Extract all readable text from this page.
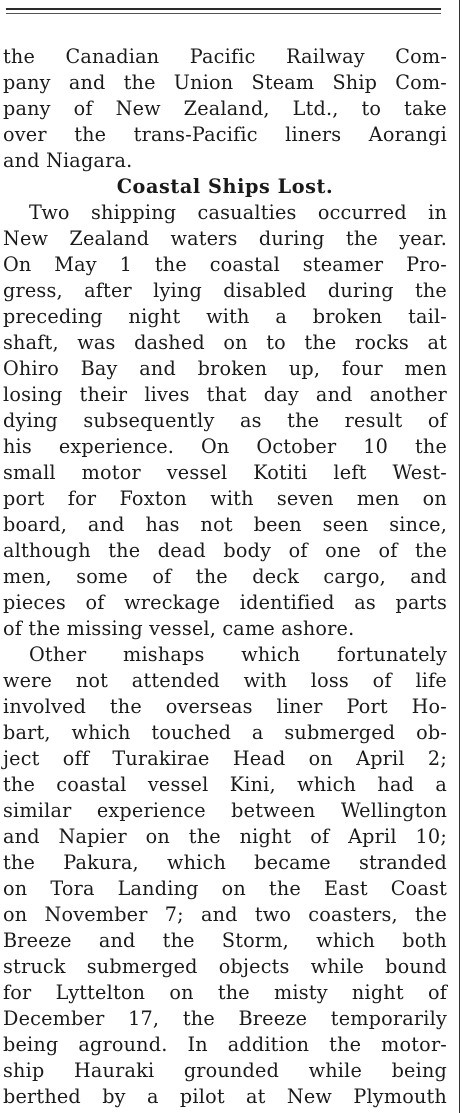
the Canadian Pacific Railway Com-
pany and the Union Steam Ship Com-
pany of New Zealand, Ltd., to take
over the trans-Pacific liners Aorangi
and Niagara.
Coastal Ships Lost.
Two shipping casualties occurred in
New Zealand waters during the year.
On May 1 the coastal steamer Pro-
gress, after lying disabled during the
preceding night with a broken tail-
shaft, was dashed on to the rocks at
Ohiro Bay and broken up, four men
losing their lives that day and another
dying subsequently as the result of
his experience. On October 10 the
small motor vessel Kotiti left West-
port for Foxton with seven men on
board, and has not been seen since,
although the dead body of one of the
men, some of the deck cargo, and
pieces of wreckage identified as parts
of the missing vessel, came ashore.
Other mishaps which fortunately
were not attended with loss of life
involved the overseas liner Port Ho-
bart, which touched a submerged ob-
ject off Turakirae Head on April 2;
the coastal vessel Kini, which had a
similar experience between Wellington
and Napier on the night of April 10;
the Pakura, which became stranded
on Tora Landing on the East Coast
on November 7; and two coasters, the
Breeze and the Storm, which both
struck submerged objects while bound
for Lyttelton on the misty night of
December 17, the Breeze temporarily
being aground. In addition the motor-
ship Hauraki grounded while being
berthed by a pilot at New Plymouth
